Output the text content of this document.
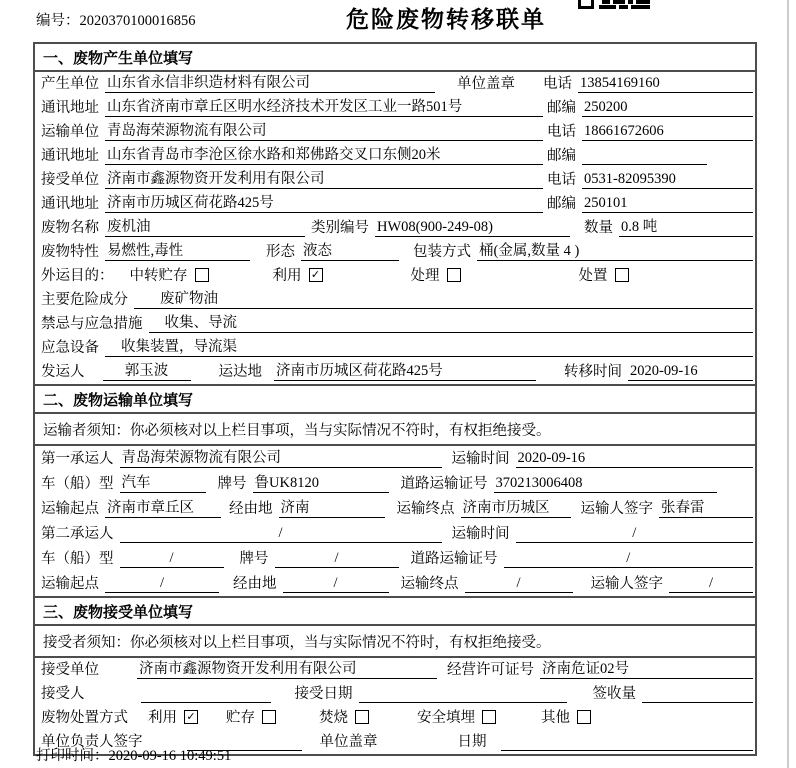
编号：2020370100016856	危险废物转移联单
一、废物产生单位填写
产生单位 山东省永信非织造材料有限公司	单位盖章 电话 13854169160
通讯地址 山东省济南市章丘区明水经济技术开发区工业一路501号	邮编 250200
运输单位 青岛海荣源物流有限公司	电话 18661672606
通讯地址 山东省青岛市李沧区徐水路和郑佛路交叉口东侧20米	邮编
接受单位 济南市鑫源物资开发利用有限公司	电话 0531-82095390
通讯地址 济南市历城区荷花路425号	邮编 250101
废物名称 废机油	类别编号 HW08(900-249-08)	数量 0.8 吨
废物特性 易燃性,毒性	形态 液态	包装方式 桶(金属,数量 4 )
外运目的： 中转贮存	利用 ✓	处理	处置
主要危险成分	废矿物油
禁忌与应急措施	收集、导流
应急设备	收集装置，导流渠
发运人	郭玉波	运达地 济南市历城区荷花路425号	转移时间 2020-09-16
二、废物运输单位填写
运输者须知：你必须核对以上栏目事项，当与实际情况不符时，有权拒绝接受。
第一承运人 青岛海荣源物流有限公司	运输时间 2020-09-16
车（船）型 汽车	牌号 鲁UK8120	道路运输证号 370213006408
运输起点 济南市章丘区	经由地 济南	运输终点 济南市历城区	运输人签字 张春雷
第二承运人	/	运输时间	/
车（船）型	/	牌号	/	道路运输证号	/
运输起点	/	经由地	/	运输终点	/	运输人签字	/
三、废物接受单位填写
接受者须知：你必须核对以上栏目事项，当与实际情况不符时，有权拒绝接受。
接受单位	济南市鑫源物资开发利用有限公司	经营许可证号 济南危证02号
接受人	接受日期	签收量
废物处置方式 利用 ✓ 贮存	焚烧	安全填埋	其他
单位负责人签字	单位盖章	日期
打印时间：2020-09-16 10:49:51
